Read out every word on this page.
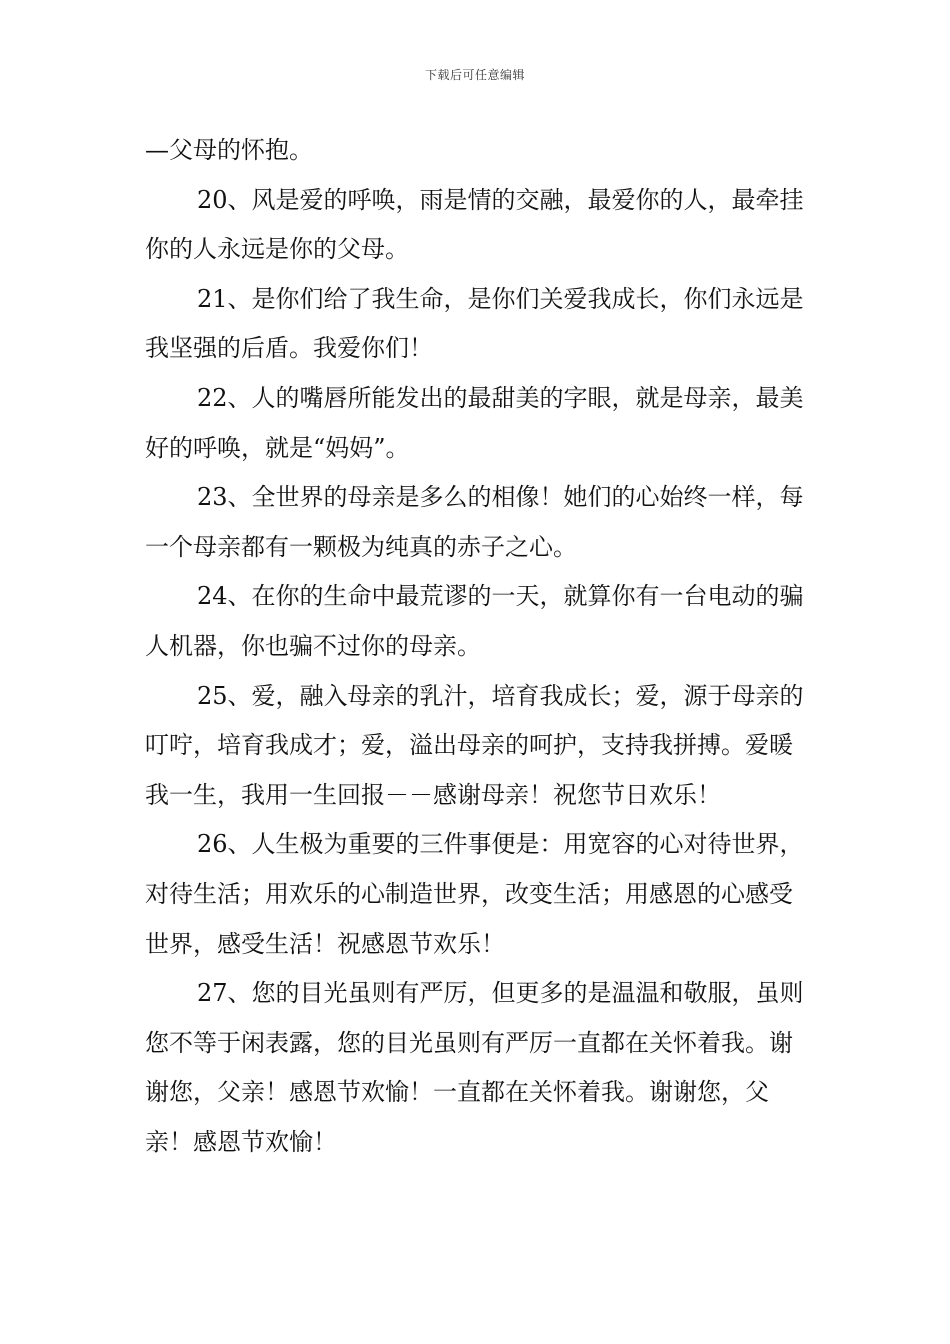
下载后可任意编辑

—父母的怀抱。

20、风是爱的呼唤，雨是情的交融，最爱你的人，最牵挂你的人永远是你的父母。

21、是你们给了我生命，是你们关爱我成长，你们永远是我坚强的后盾。我爱你们！

22、人的嘴唇所能发出的最甜美的字眼，就是母亲，最美好的呼唤，就是“妈妈”。

23、全世界的母亲是多么的相像！她们的心始终一样，每一个母亲都有一颗极为纯真的赤子之心。

24、在你的生命中最荒谬的一天，就算你有一台电动的骗人机器，你也骗不过你的母亲。

25、爱，融入母亲的乳汁，培育我成长；爱，源于母亲的叮咛，培育我成才；爱，溢出母亲的呵护，支持我拼搏。爱暖我一生，我用一生回报－－感谢母亲！祝您节日欢乐！

26、人生极为重要的三件事便是：用宽容的心对待世界，对待生活；用欢乐的心制造世界，改变生活；用感恩的心感受世界，感受生活！祝感恩节欢乐！

27、您的目光虽则有严厉，但更多的是温温和敬服，虽则您不等于闲表露，您的目光虽则有严厉一直都在关怀着我。谢谢您，父亲！感恩节欢愉！一直都在关怀着我。谢谢您，父亲！感恩节欢愉！
